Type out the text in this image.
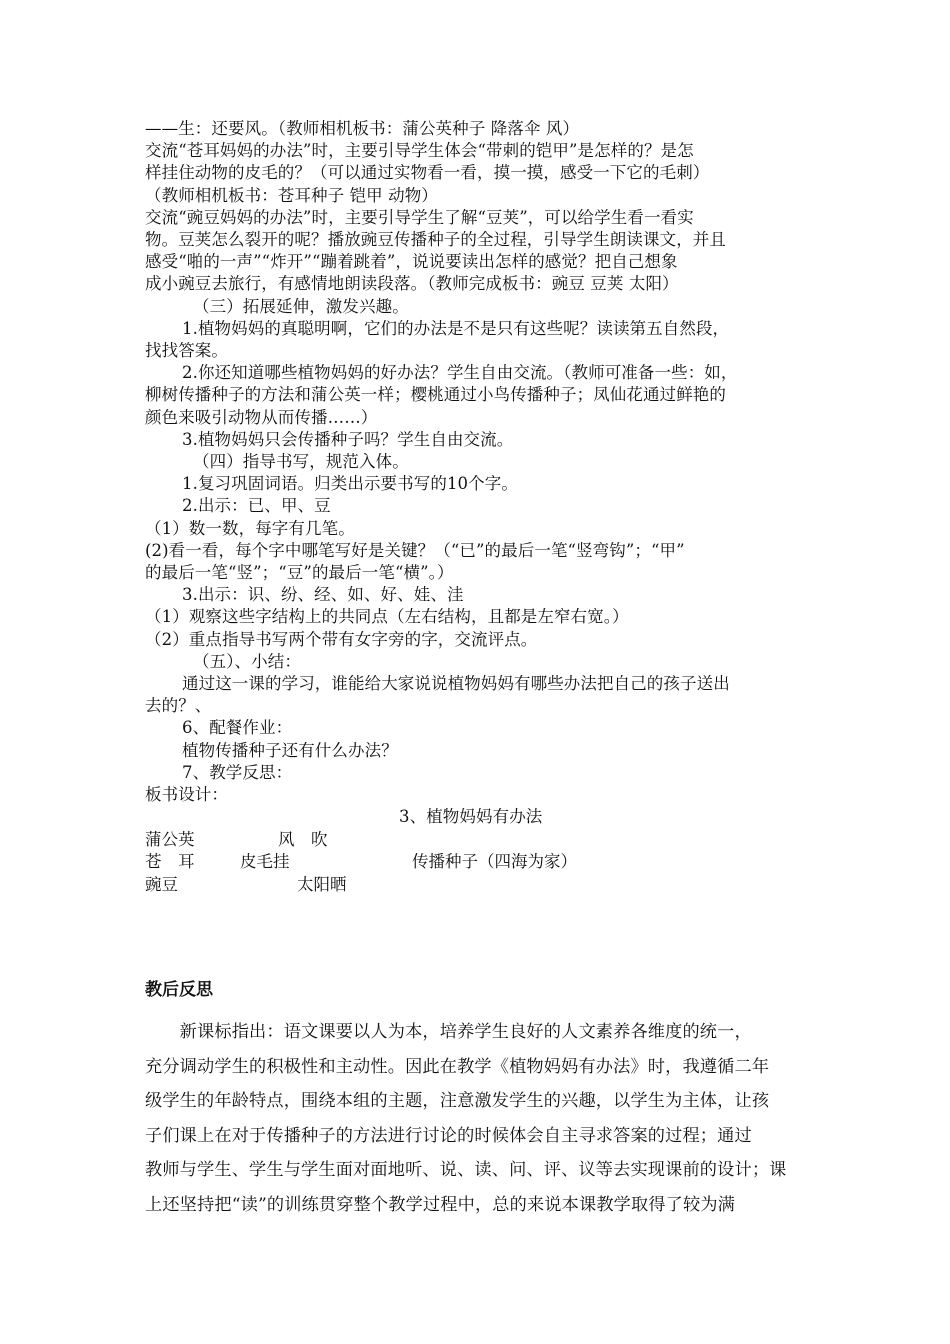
——生：还要风。（教师相机板书：蒲公英种子 降落伞 风）
交流“苍耳妈妈的办法”时，主要引导学生体会“带刺的铠甲”是怎样的？是怎
样挂住动物的皮毛的？（可以通过实物看一看，摸一摸，感受一下它的毛刺）
（教师相机板书：苍耳种子 铠甲 动物）
交流“豌豆妈妈的办法”时，主要引导学生了解“豆荚”，可以给学生看一看实
物。豆荚怎么裂开的呢？播放豌豆传播种子的全过程，引导学生朗读课文，并且
感受“啪的一声”“炸开”“蹦着跳着”，说说要读出怎样的感觉？把自己想象
成小豌豆去旅行，有感情地朗读段落。（教师完成板书：豌豆 豆荚 太阳）
（三）拓展延伸，激发兴趣。
1.植物妈妈的真聪明啊，它们的办法是不是只有这些呢？读读第五自然段，
找找答案。
2.你还知道哪些植物妈妈的好办法？学生自由交流。（教师可准备一些：如，
柳树传播种子的方法和蒲公英一样；樱桃通过小鸟传播种子；凤仙花通过鲜艳的
颜色来吸引动物从而传播……）
3.植物妈妈只会传播种子吗？学生自由交流。
（四）指导书写，规范入体。
1.复习巩固词语。归类出示要书写的10个字。
2.出示：已、甲、豆
（1）数一数，每字有几笔。
(2)看一看，每个字中哪笔写好是关键？（“已”的最后一笔“竖弯钩”；“甲”
的最后一笔“竖”；“豆”的最后一笔“横”。）
3.出示：识、纷、经、如、好、娃、洼
（1）观察这些字结构上的共同点（左右结构，且都是左窄右宽。）
（2）重点指导书写两个带有女字旁的字，交流评点。
（五）、小结：
通过这一课的学习，谁能给大家说说植物妈妈有哪些办法把自己的孩子送出
去的？、
6、配餐作业：
植物传播种子还有什么办法？
7、教学反思：
板书设计：
3、植物妈妈有办法
蒲公英	风　吹
苍　耳	皮毛挂	传播种子（四海为家）
豌豆	太阳晒
教后反思
　　新课标指出：语文课要以人为本，培养学生良好的人文素养各维度的统一，
充分调动学生的积极性和主动性。因此在教学《植物妈妈有办法》时，我遵循二年
级学生的年龄特点，围绕本组的主题，注意激发学生的兴趣，以学生为主体，让孩
子们课上在对于传播种子的方法进行讨论的时候体会自主寻求答案的过程；通过
教师与学生、学生与学生面对面地听、说、读、问、评、议等去实现课前的设计；课
上还坚持把“读”的训练贯穿整个教学过程中，总的来说本课教学取得了较为满
